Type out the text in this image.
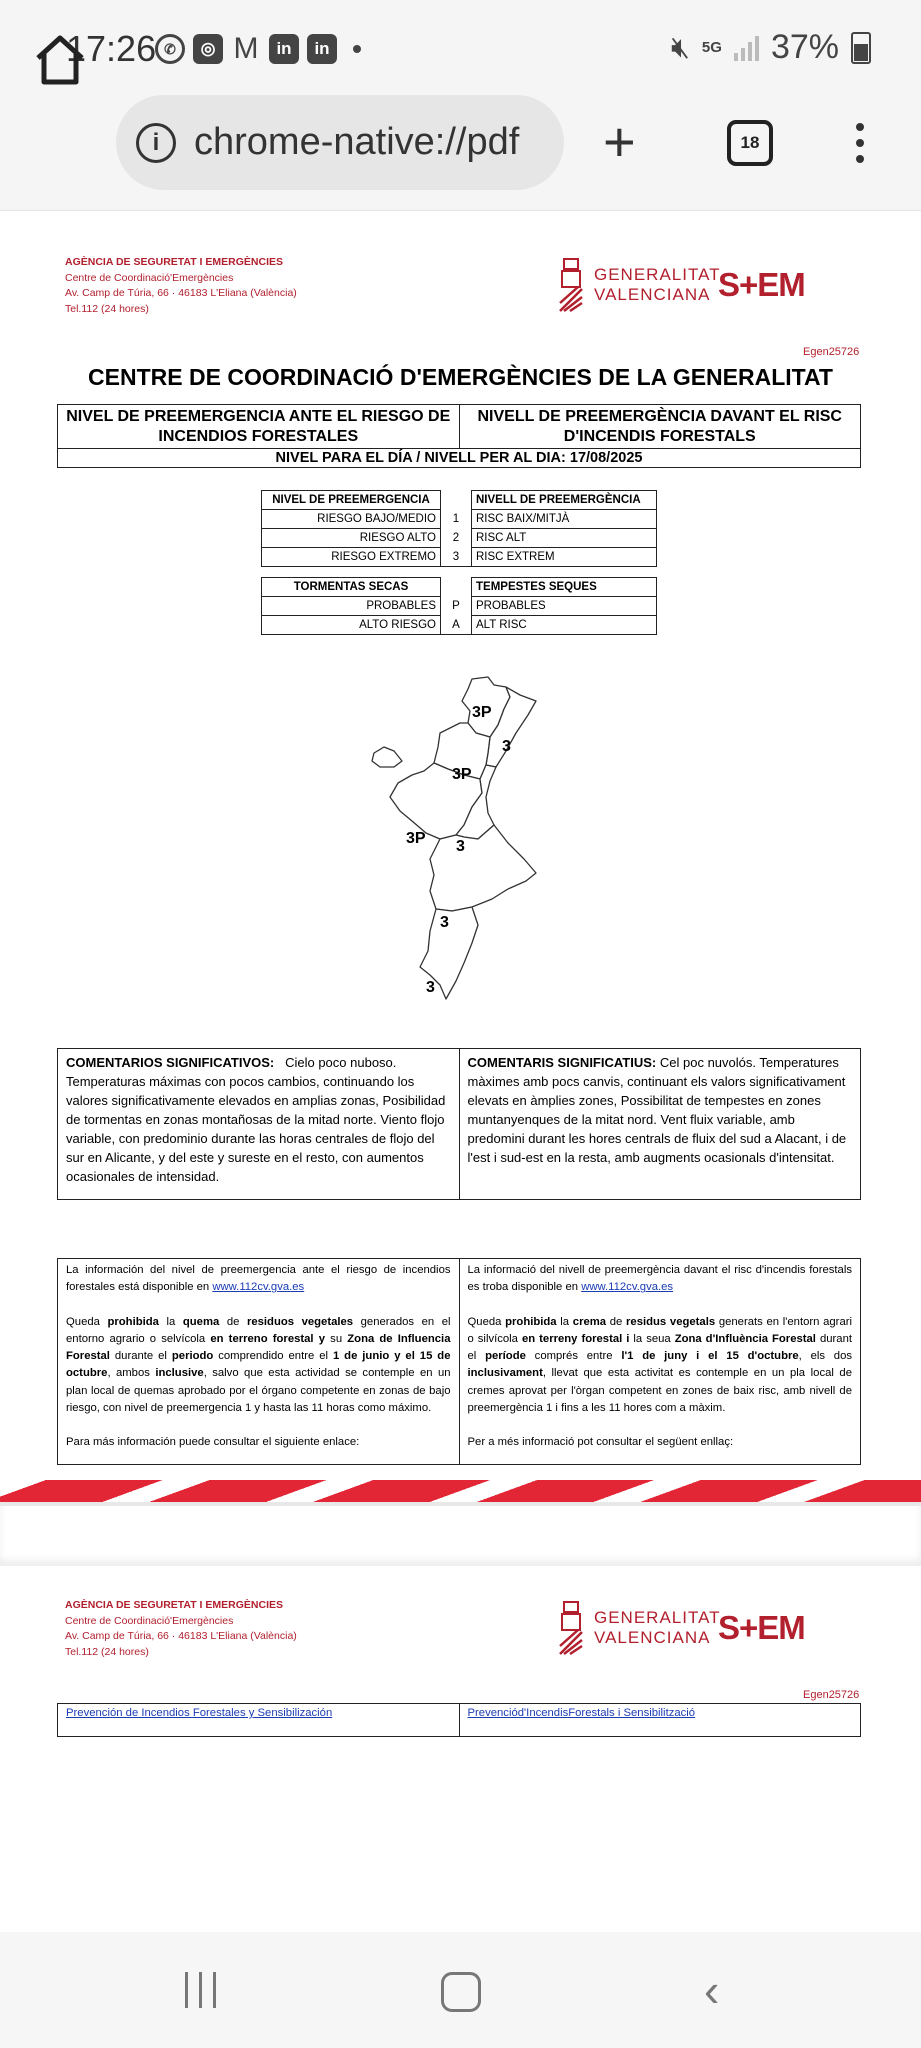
17:26 ✆	◎ M	in	in	🔇︎ 5G 37%
i chrome-native://pdf +	18
AGÈNCIA DE SEGURETAT I EMERGÈNCIES
Centre de Coordinació'Emergències
Av. Camp de Túria, 66 · 46183 L'Eliana (València)
Tel.112 (24 hores)
GENERALITAT
VALENCIANA S+EM
Egen25726
CENTRE DE COORDINACIÓ D'EMERGÈNCIES DE LA GENERALITAT
NIVEL DE PREEMERGENCIA ANTE EL RIESGO DE INCENDIOS FORESTALES	NIVELL DE PREEMERGÈNCIA DAVANT EL RISC D'INCENDIS FORESTALS
NIVEL PARA EL DÍA / NIVELL PER AL DIA: 17/08/2025
NIVEL DE PREEMERGENCIA		NIVELL DE PREEMERGÈNCIA
RIESGO BAJO/MEDIO	1	RISC BAIX/MITJÀ
RIESGO ALTO	2	RISC ALT
RIESGO EXTREMO	3	RISC EXTREM
TORMENTAS SECAS		TEMPESTES SEQUES
PROBABLES	P	PROBABLES
ALTO RIESGO	A	ALT RISC
3P
3
3P
3P 3
3
3
COMENTARIOS SIGNIFICATIVOS: Cielo poco nuboso. Temperaturas máximas con pocos cambios, continuando los valores significativamente elevados en amplias zonas, Posibilidad de tormentas en zonas montañosas de la mitad norte. Viento flojo variable, con predominio durante las horas centrales de flojo del sur en Alicante, y del este y sureste en el resto, con aumentos ocasionales de intensidad.	COMENTARIS SIGNIFICATIUS: Cel poc nuvolós. Temperatures màximes amb pocs canvis, continuant els valors significativament elevats en àmplies zones, Possibilitat de tempestes en zones muntanyenques de la mitat nord. Vent fluix variable, amb predomini durant les hores centrals de fluix del sud a Alacant, i de l'est i sud-est en la resta, amb augments ocasionals d'intensitat.
La información del nivel de preemergencia ante el riesgo de incendios forestales está disponible en www.112cv.gva.es
Queda prohibida la quema de residuos vegetales generados en el entorno agrario o selvícola en terreno forestal y su Zona de Influencia Forestal durante el periodo comprendido entre el 1 de junio y el 15 de octubre, ambos inclusive, salvo que esta actividad se contemple en un plan local de quemas aprobado por el órgano competente en zonas de bajo riesgo, con nivel de preemergencia 1 y hasta las 11 horas como máximo.
Para más información puede consultar el siguiente enlace:

La informació del nivell de preemergència davant el risc d'incendis forestals es troba disponible en www.112cv.gva.es
Queda prohibida la crema de residus vegetals generats en l'entorn agrari o silvícola en terreny forestal i la seua Zona d'Influència Forestal durant el període comprés entre l'1 de juny i el 15 d'octubre, els dos inclusivament, llevat que esta activitat es contemple en un pla local de cremes aprovat per l'òrgan competent en zones de baix risc, amb nivell de preemergència 1 i fins a les 11 hores com a màxim.
Per a més informació pot consultar el següent enllaç:
AGÈNCIA DE SEGURETAT I EMERGÈNCIES
Centre de Coordinació'Emergències
Av. Camp de Túria, 66 · 46183 L'Eliana (València)
Tel.112 (24 hores)
GENERALITAT
VALENCIANA S+EM
Egen25726
Prevención de Incendios Forestales y Sensibilización	Prevenciód'IncendisForestals i Sensibilització
‹
